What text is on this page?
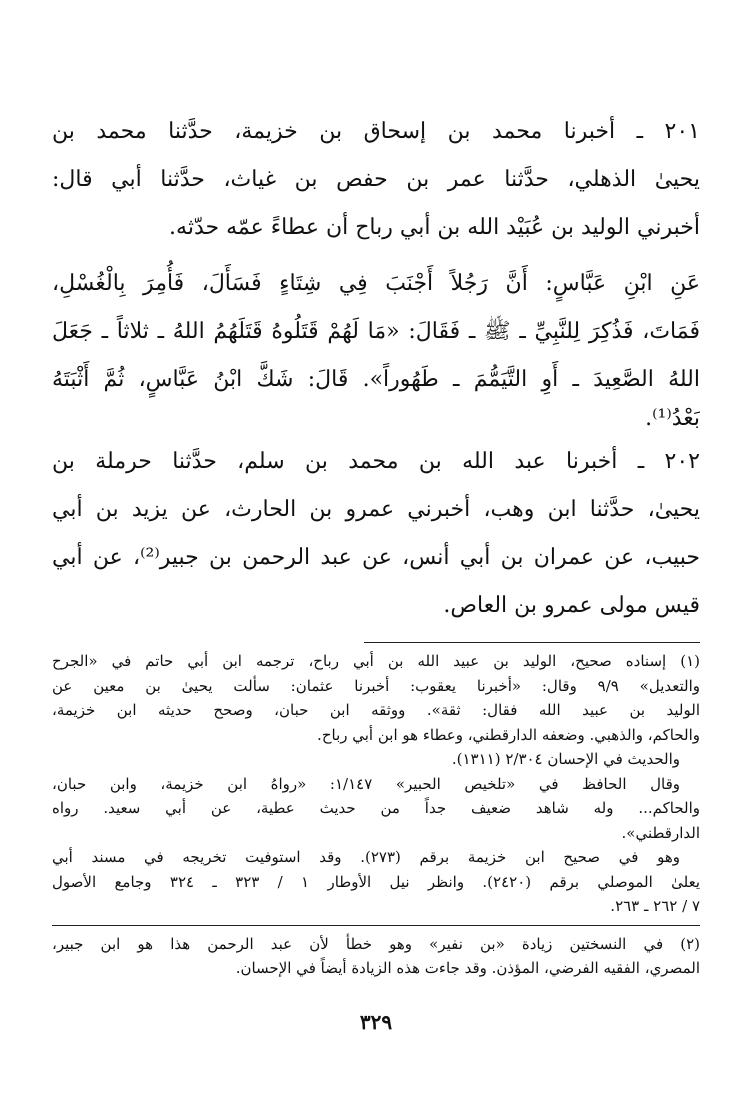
٢٠١ ـ أخبرنا محمد بن إسحاق بن خزيمة، حدَّثنا محمد بن
يحيىٰ الذهلي، حدَّثنا عمر بن حفص بن غياث، حدَّثنا أبي قال:
أخبرني الوليد بن عُبَيْد الله بن أبي رباح أن عطاءً عمّه حدّثه.
عَنِ ابْنِ عَبَّاسٍ: أَنَّ رَجُلاً أَجْنَبَ فِي شِتَاءٍ فَسَأَلَ، فَأُمِرَ بِالْغُسْلِ،
فَمَاتَ، فَذُكِرَ لِلنَّبِيِّ ـ ﷺ ـ فَقَالَ: «مَا لَهُمْ قَتَلُوهُ قَتَلَهُمُ اللهُ ـ ثلاثاً ـ جَعَلَ
اللهُ الصَّعِيدَ ـ أَوِ التَّيَمُّمَ ـ طَهُوراً». قَالَ: شَكَّ ابْنُ عَبَّاسٍ، ثُمَّ أَثْبَتَهُ
بَعْدُ⁽¹⁾.
٢٠٢ ـ أخبرنا عبد الله بن محمد بن سلم، حدَّثنا حرملة بن
يحيىٰ، حدَّثنا ابن وهب، أخبرني عمرو بن الحارث، عن يزيد بن أبي
حبيب، عن عمران بن أبي أنس، عن عبد الرحمن بن جبير⁽²⁾، عن أبي
قيس مولى عمرو بن العاص.
(١) إسناده صحيح، الوليد بن عبيد الله بن أبي رباح، ترجمه ابن أبي حاتم في «الجرح
والتعديل» ٩/٩ وقال: «أخبرنا يعقوب: أخبرنا عثمان: سألت يحيىٰ بن معين عن
الوليد بن عبيد الله فقال: ثقة». ووثقه ابن حبان، وصحح حديثه ابن خزيمة،
والحاكم، والذهبي. وضعفه الدارقطني، وعطاء هو ابن أبي رباح.
والحديث في الإحسان ٢/٣٠٤ (١٣١١).
وقال الحافظ في «تلخيص الحبير» ١/١٤٧: «رواهُ ابن خزيمة، وابن حبان،
والحاكم... وله شاهد ضعيف جداً من حديث عطية، عن أبي سعيد. رواه
الدارقطني».
وهو في صحيح ابن خزيمة برقم (٢٧٣). وقد استوفيت تخريجه في مسند أبي
يعلىٰ الموصلي برقم (٢٤٢٠). وانظر نيل الأوطار ١ / ٣٢٣ ـ ٣٢٤ وجامع الأصول
٧ / ٢٦٢ ـ ٢٦٣.
(٢) في النسختين زيادة «بن نفير» وهو خطأ لأن عبد الرحمن هذا هو ابن جبير،
المصري، الفقيه الفرضي، المؤذن. وقد جاءت هذه الزيادة أيضاً في الإحسان.
٣٢٩
